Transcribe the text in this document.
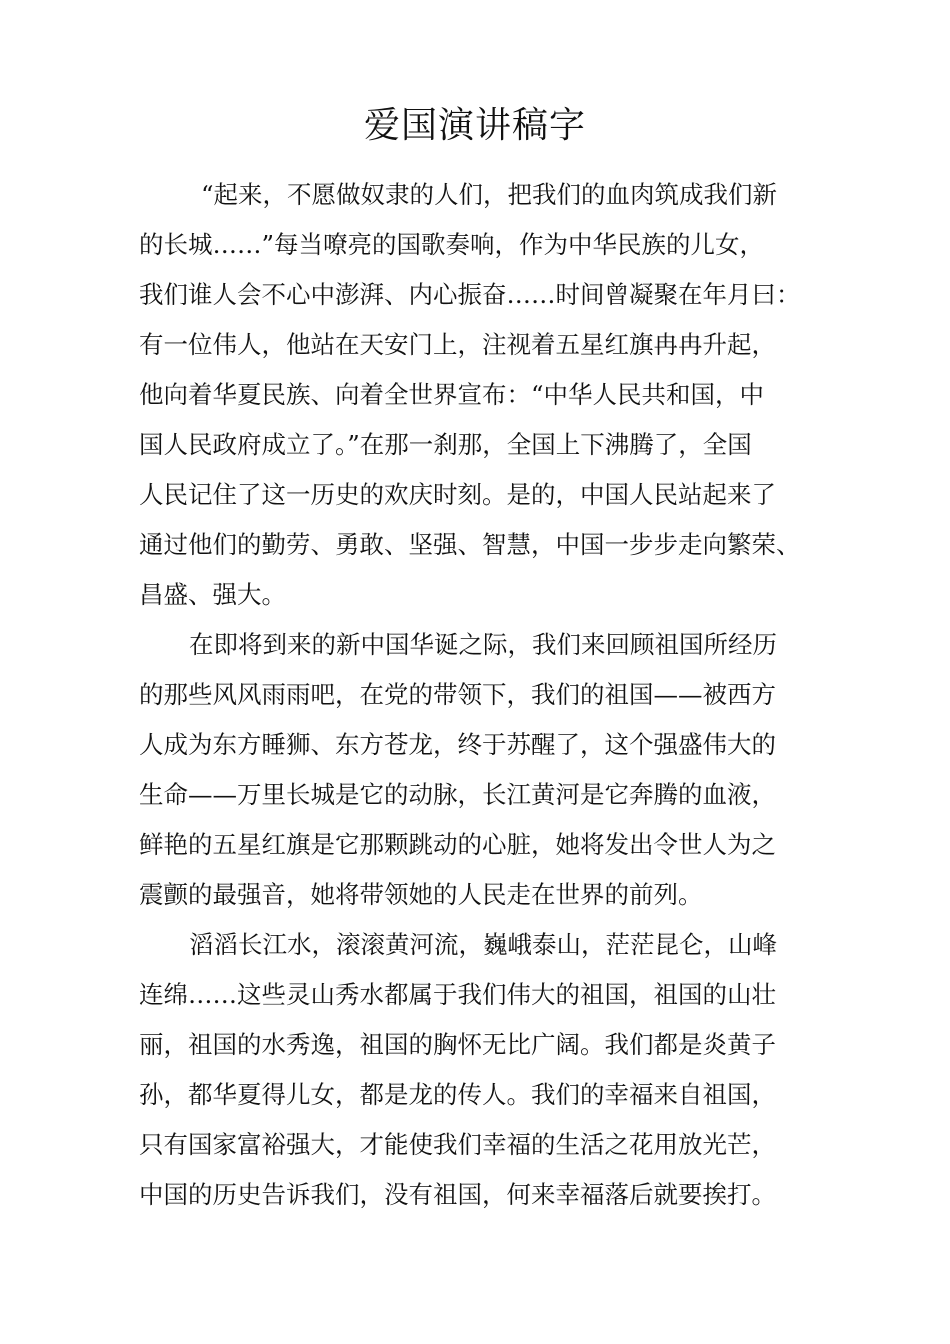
爱国演讲稿字

“起来，不愿做奴隶的人们，把我们的血肉筑成我们新
的长城……”每当嘹亮的国歌奏响，作为中华民族的儿女，
我们谁人会不心中澎湃、内心振奋……时间曾凝聚在年月曰：
有一位伟人，他站在天安门上，注视着五星红旗冉冉升起，
他向着华夏民族、向着全世界宣布：“中华人民共和国，中
国人民政府成立了。”在那一刹那，全国上下沸腾了，全国
人民记住了这一历史的欢庆时刻。是的，中国人民站起来了
通过他们的勤劳、勇敢、坚强、智慧，中国一步步走向繁荣、
昌盛、强大。

在即将到来的新中国华诞之际，我们来回顾祖国所经历
的那些风风雨雨吧，在党的带领下，我们的祖国——被西方
人成为东方睡狮、东方苍龙，终于苏醒了，这个强盛伟大的
生命——万里长城是它的动脉，长江黄河是它奔腾的血液，
鲜艳的五星红旗是它那颗跳动的心脏，她将发出令世人为之
震颤的最强音，她将带领她的人民走在世界的前列。

滔滔长江水，滚滚黄河流，巍峨泰山，茫茫昆仑，山峰
连绵……这些灵山秀水都属于我们伟大的祖国，祖国的山壮
丽，祖国的水秀逸，祖国的胸怀无比广阔。我们都是炎黄子
孙，都华夏得儿女，都是龙的传人。我们的幸福来自祖国，
只有国家富裕强大，才能使我们幸福的生活之花用放光芒，
中国的历史告诉我们，没有祖国，何来幸福落后就要挨打。
